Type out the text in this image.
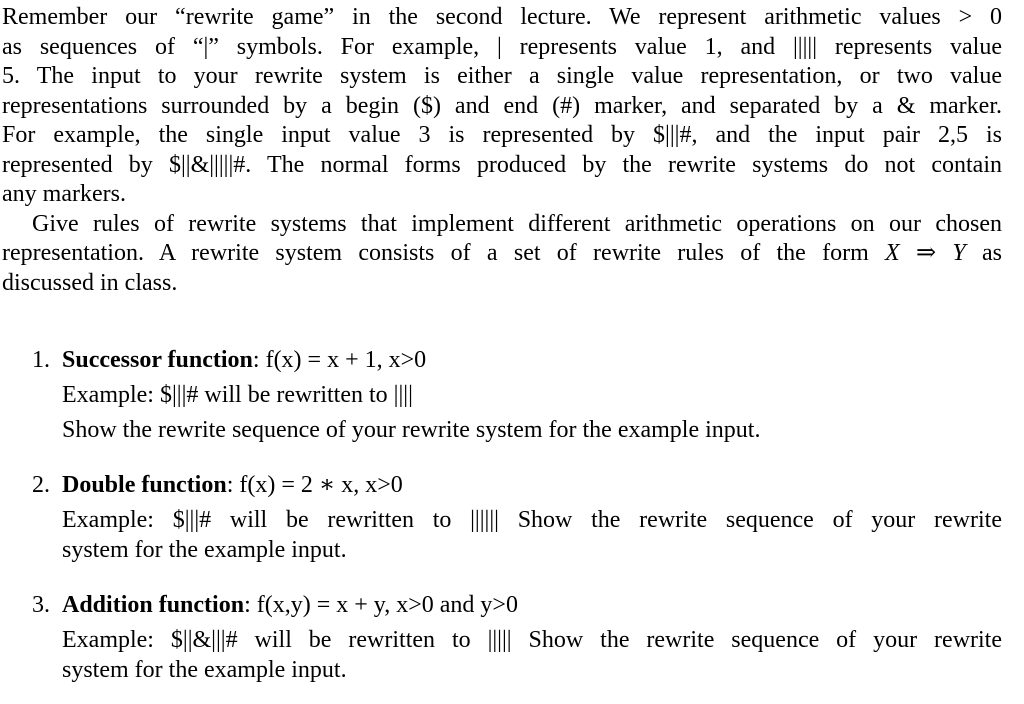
Remember our “rewrite game” in the second lecture. We represent arithmetic values > 0
as sequences of “|” symbols. For example, | represents value 1, and ||||| represents value
5. The input to your rewrite system is either a single value representation, or two value
representations surrounded by a begin ($) and end (#) marker, and separated by a & marker.
For example, the single input value 3 is represented by $|||#, and the input pair 2,5 is
represented by $||&|||||#. The normal forms produced by the rewrite systems do not contain
any markers.
Give rules of rewrite systems that implement different arithmetic operations on our chosen
representation. A rewrite system consists of a set of rewrite rules of the form X ⇒ Y as
discussed in class.
1. Successor function: f(x) = x + 1, x>0
Example: $|||# will be rewritten to ||||
Show the rewrite sequence of your rewrite system for the example input.
2. Double function: f(x) = 2 ∗ x, x>0
Example: $|||# will be rewritten to |||||| Show the rewrite sequence of your rewrite
system for the example input.
3. Addition function: f(x,y) = x + y, x>0 and y>0
Example: $||&|||# will be rewritten to ||||| Show the rewrite sequence of your rewrite
system for the example input.
